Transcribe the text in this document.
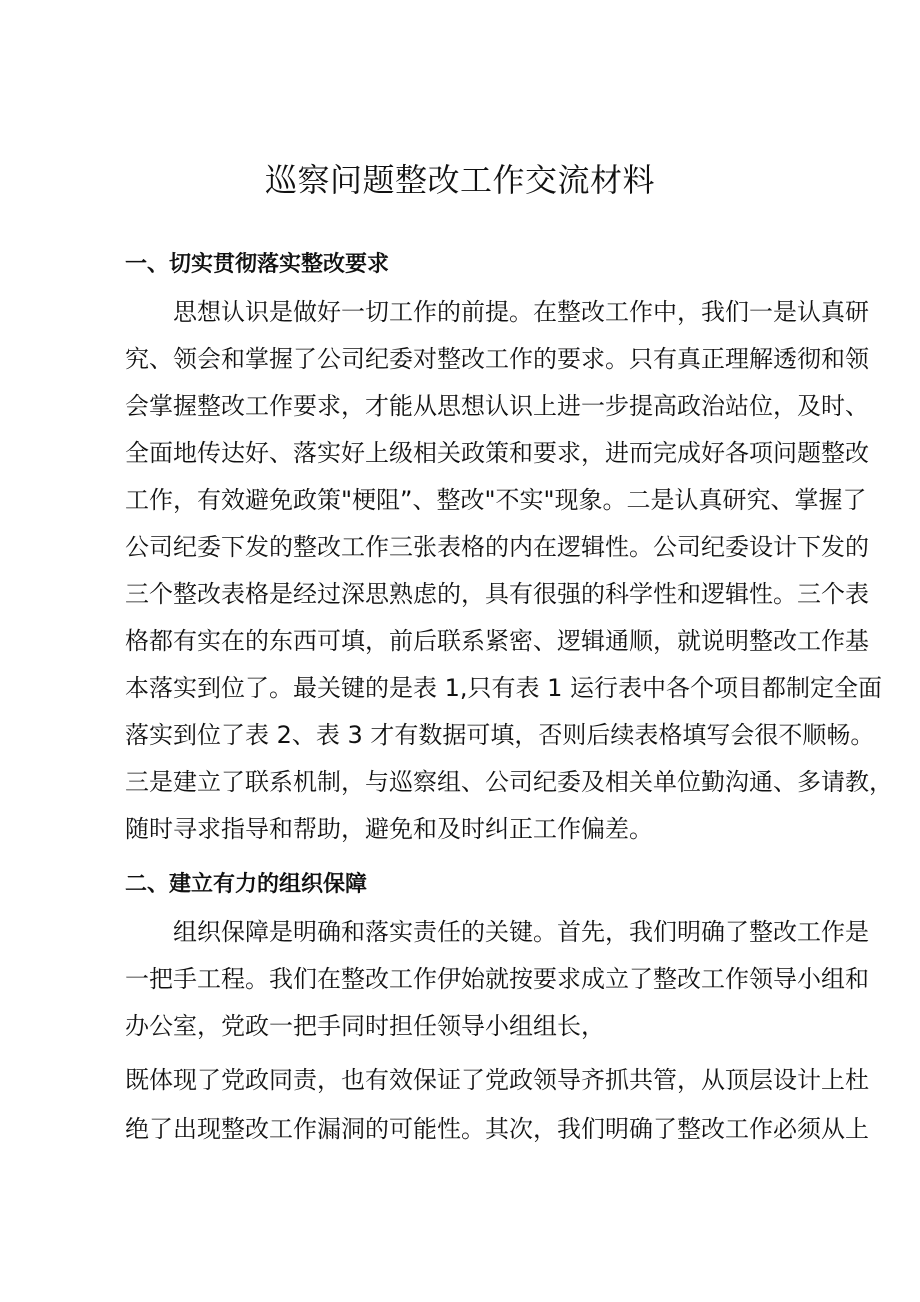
巡察问题整改工作交流材料
一、切实贯彻落实整改要求
思想认识是做好一切工作的前提。在整改工作中，我们一是认真研
究、领会和掌握了公司纪委对整改工作的要求。只有真正理解透彻和领
会掌握整改工作要求，才能从思想认识上进一步提高政治站位，及时、
全面地传达好、落实好上级相关政策和要求，进而完成好各项问题整改
工作，有效避免政策"梗阻”、整改"不实"现象。二是认真研究、掌握了
公司纪委下发的整改工作三张表格的内在逻辑性。公司纪委设计下发的
三个整改表格是经过深思熟虑的，具有很强的科学性和逻辑性。三个表
格都有实在的东西可填，前后联系紧密、逻辑通顺，就说明整改工作基
本落实到位了。最关键的是表 1,只有表 1 运行表中各个项目都制定全面
落实到位了表 2、表 3 才有数据可填，否则后续表格填写会很不顺畅。
三是建立了联系机制，与巡察组、公司纪委及相关单位勤沟通、多请教，
随时寻求指导和帮助，避免和及时纠正工作偏差。
二、建立有力的组织保障
组织保障是明确和落实责任的关键。首先，我们明确了整改工作是
一把手工程。我们在整改工作伊始就按要求成立了整改工作领导小组和
办公室，党政一把手同时担任领导小组组长，
既体现了党政同责，也有效保证了党政领导齐抓共管，从顶层设计上杜
绝了出现整改工作漏洞的可能性。其次，我们明确了整改工作必须从上
